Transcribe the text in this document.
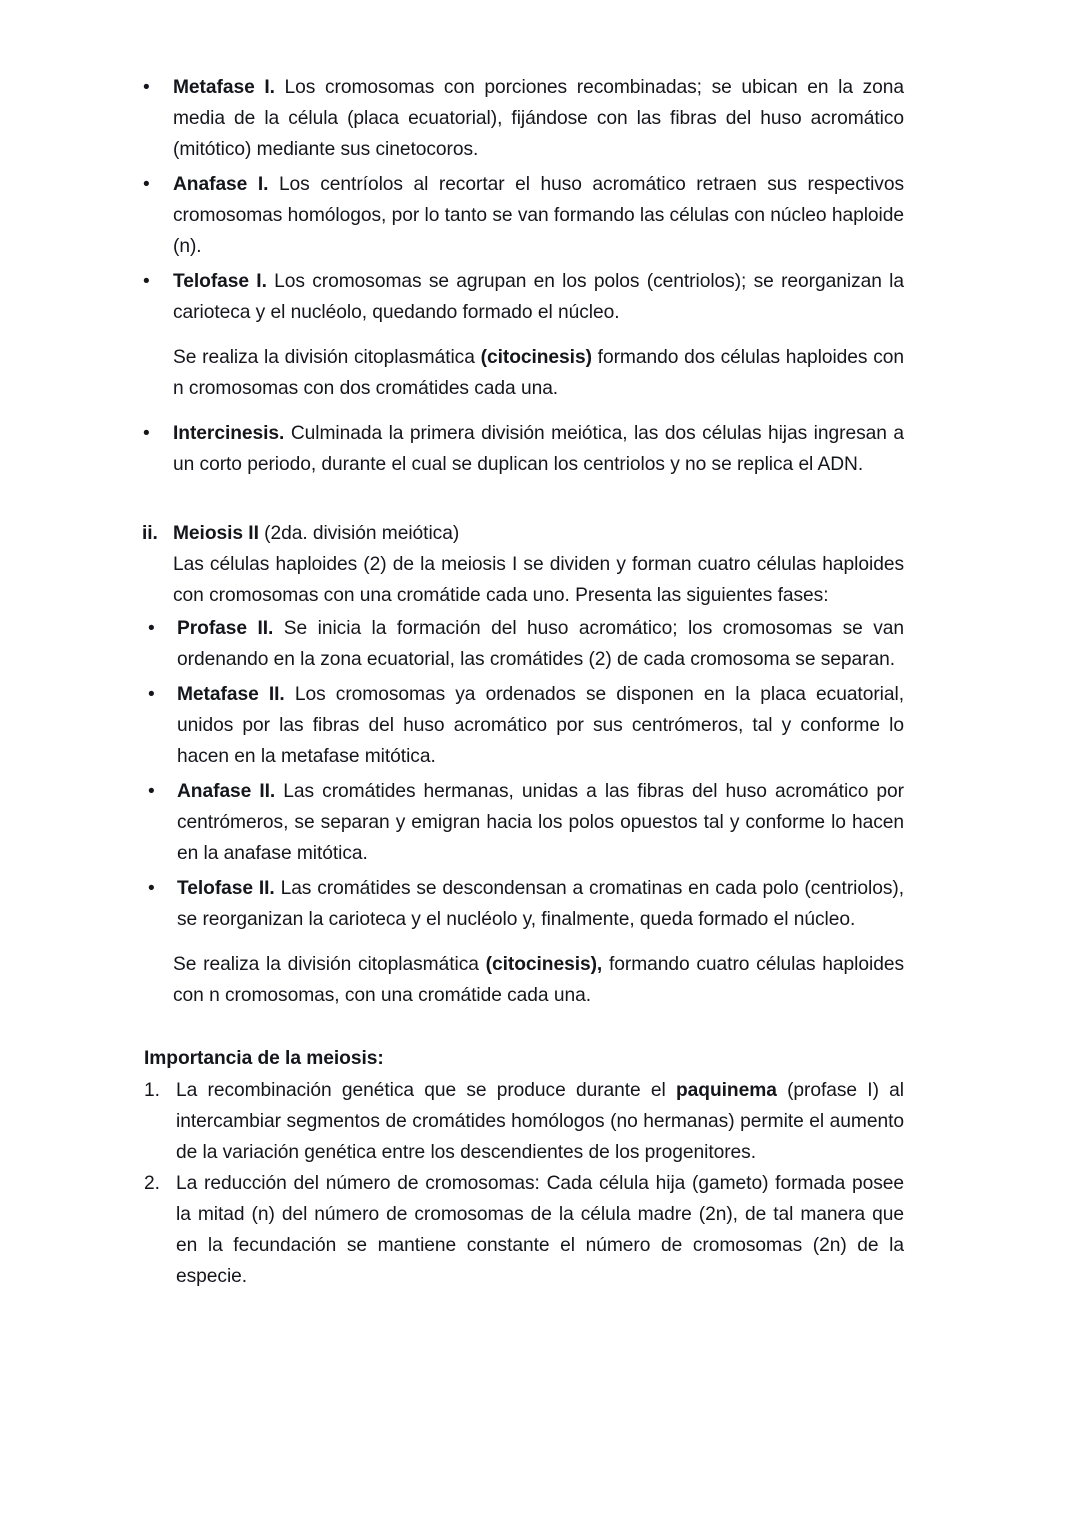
•	Metafase I. Los cromosomas con porciones recombinadas; se ubican en la zona media de la célula (placa ecuatorial), fijándose con las fibras del huso acromático (mitótico) mediante sus cinetocoros.

•	Anafase I. Los centríolos al recortar el huso acromático retraen sus respectivos cromosomas homólogos, por lo tanto se van formando las células con núcleo haploide (n).

•	Telofase I. Los cromosomas se agrupan en los polos (centriolos); se reorganizan la carioteca y el nucléolo, quedando formado el núcleo.

Se realiza la división citoplasmática (citocinesis) formando dos células haploides con n cromosomas con dos cromátides cada una.

•	Intercinesis. Culminada la primera división meiótica, las dos células hijas ingresan a un corto periodo, durante el cual se duplican los centriolos y no se replica el ADN.

ii. Meiosis II (2da. división meiótica)

Las células haploides (2) de la meiosis I se dividen y forman cuatro células haploides con cromosomas con una cromátide cada uno. Presenta las siguientes fases:

•	Profase II. Se inicia la formación del huso acromático; los cromosomas se van ordenando en la zona ecuatorial, las cromátides (2) de cada cromosoma se separan.

•	Metafase II. Los cromosomas ya ordenados se disponen en la placa ecuatorial, unidos por las fibras del huso acromático por sus centrómeros, tal y conforme lo hacen en la metafase mitótica.

•	Anafase II. Las cromátides hermanas, unidas a las fibras del huso acromático por centrómeros, se separan y emigran hacia los polos opuestos tal y conforme lo hacen en la anafase mitótica.

•	Telofase II. Las cromátides se descondensan a cromatinas en cada polo (centriolos), se reorganizan la carioteca y el nucléolo y, finalmente, queda formado el núcleo.

Se realiza la división citoplasmática (citocinesis), formando cuatro células haploides con n cromosomas, con una cromátide cada una.

Importancia de la meiosis:
1. La recombinación genética que se produce durante el paquinema (profase I) al intercambiar segmentos de cromátides homólogos (no hermanas) permite el aumento de la variación genética entre los descendientes de los progenitores.

2. La reducción del número de cromosomas: Cada célula hija (gameto) formada posee la mitad (n) del número de cromosomas de la célula madre (2n), de tal manera que en la fecundación se mantiene constante el número de cromosomas (2n) de la especie.
